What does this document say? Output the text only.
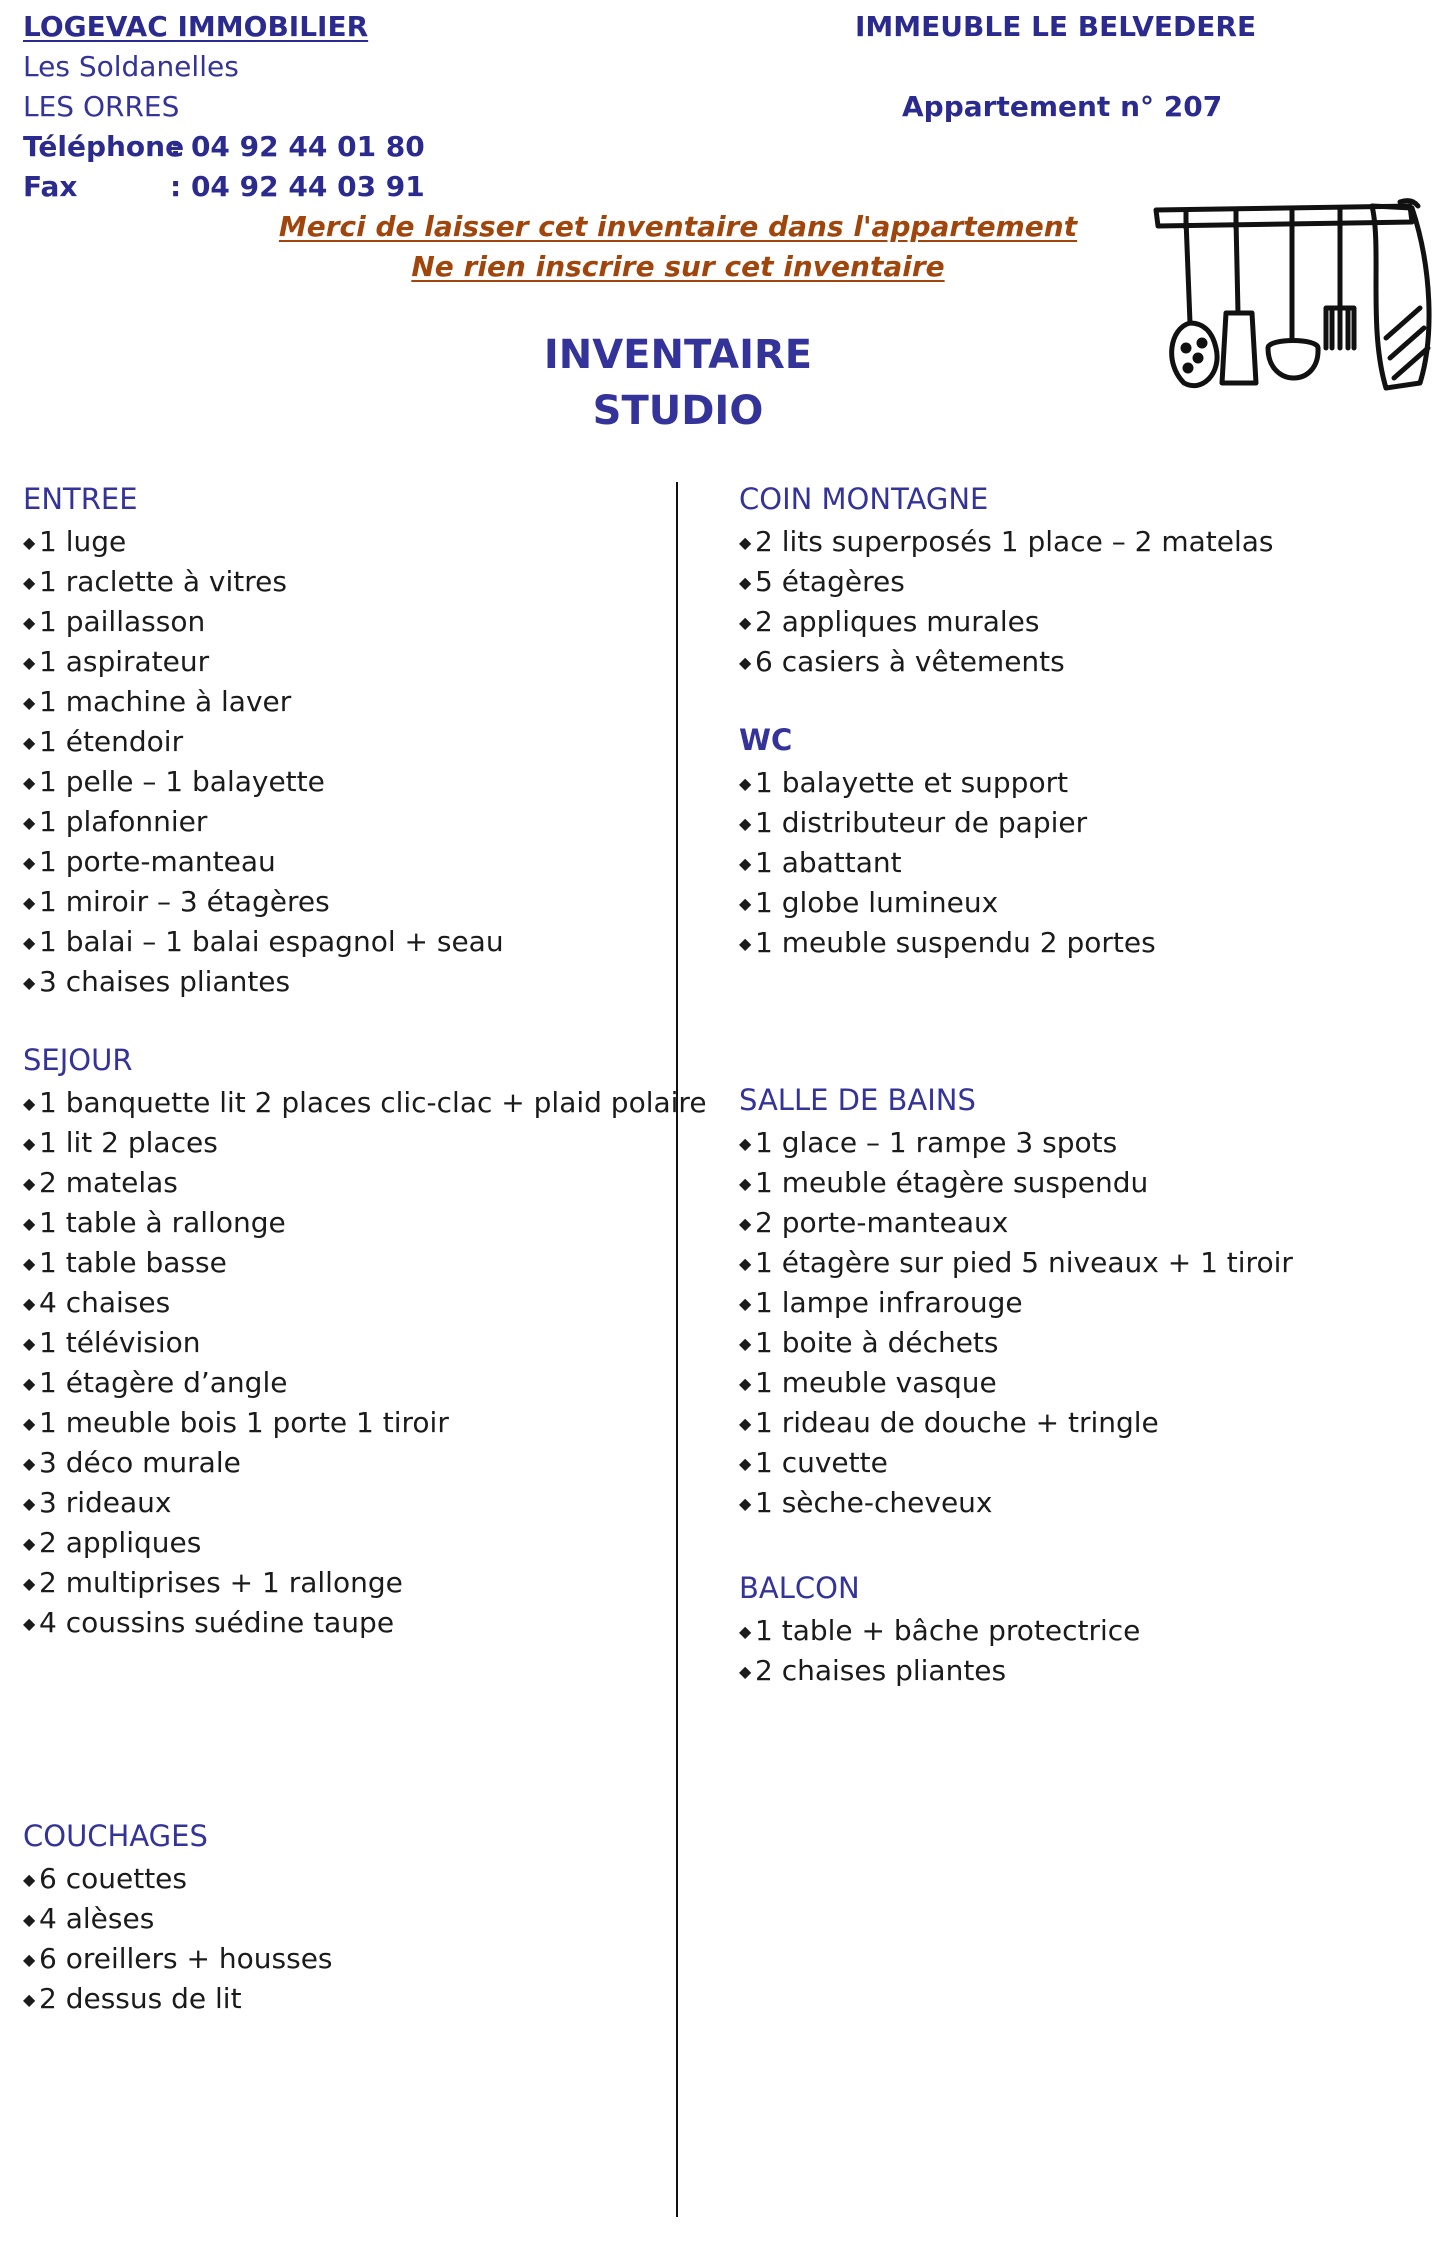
LOGEVAC IMMOBILIER
Les Soldanelles
LES ORRES
Téléphone
: 04 92 44 01 80
Fax	: 04 92 44 03 91
IMMEUBLE LE BELVEDERE
Appartement n° 207
Merci de laisser cet inventaire dans l'appartement
Ne rien inscrire sur cet inventaire
INVENTAIRE
STUDIO
ENTREE
◆ 1 luge
◆ 1 raclette à vitres
◆ 1 paillasson
◆ 1 aspirateur
◆ 1 machine à laver
◆ 1 étendoir
◆ 1 pelle – 1 balayette
◆ 1 plafonnier
◆ 1 porte-manteau
◆ 1 miroir – 3 étagères
◆ 1 balai – 1 balai espagnol + seau
◆ 3 chaises pliantes
SEJOUR
◆ 1 banquette lit 2 places clic-clac + plaid polaire
◆ 1 lit 2 places
◆ 2 matelas
◆ 1 table à rallonge
◆ 1 table basse
◆ 4 chaises
◆ 1 télévision
◆ 1 étagère d’angle
◆ 1 meuble bois 1 porte 1 tiroir
◆ 3 déco murale
◆ 3 rideaux
◆ 2 appliques
◆ 2 multiprises + 1 rallonge
◆ 4 coussins suédine taupe
COUCHAGES
◆ 6 couettes
◆ 4 alèses
◆ 6 oreillers + housses
◆ 2 dessus de lit
COIN MONTAGNE
◆ 2 lits superposés 1 place – 2 matelas
◆ 5 étagères
◆ 2 appliques murales
◆ 6 casiers à vêtements
WC
◆ 1 balayette et support
◆ 1 distributeur de papier
◆ 1 abattant
◆ 1 globe lumineux
◆ 1 meuble suspendu 2 portes
SALLE DE BAINS
◆ 1 glace – 1 rampe 3 spots
◆ 1 meuble étagère suspendu
◆ 2 porte-manteaux
◆ 1 étagère sur pied 5 niveaux + 1 tiroir
◆ 1 lampe infrarouge
◆ 1 boite à déchets
◆ 1 meuble vasque
◆ 1 rideau de douche + tringle
◆ 1 cuvette
◆ 1 sèche-cheveux
BALCON
◆ 1 table + bâche protectrice
◆ 2 chaises pliantes
